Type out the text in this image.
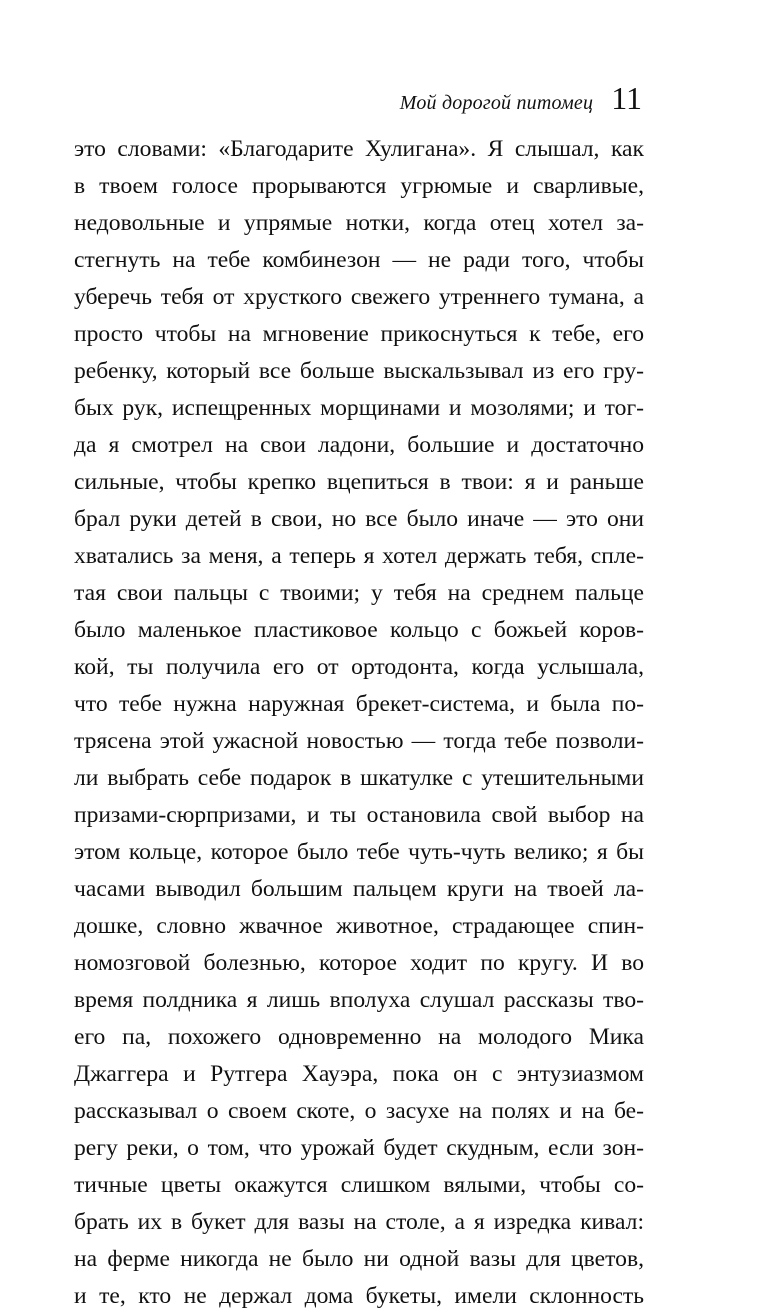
Мой дорогой питомец 11
это словами: «Благодарите Хулигана». Я слышал, как
в твоем голосе прорываются угрюмые и сварливые,
недовольные и упрямые нотки, когда отец хотел за-
стегнуть на тебе комбинезон — не ради того, чтобы
уберечь тебя от хрусткого свежего утреннего тумана, а
просто чтобы на мгновение прикоснуться к тебе, его
ребенку, который все больше выскальзывал из его гру-
бых рук, испещренных морщинами и мозолями; и тог-
да я смотрел на свои ладони, большие и достаточно
сильные, чтобы крепко вцепиться в твои: я и раньше
брал руки детей в свои, но все было иначе — это они
хватались за меня, а теперь я хотел держать тебя, спле-
тая свои пальцы с твоими; у тебя на среднем пальце
было маленькое пластиковое кольцо с божьей коров-
кой, ты получила его от ортодонта, когда услышала,
что тебе нужна наружная брекет-система, и была по-
трясена этой ужасной новостью — тогда тебе позволи-
ли выбрать себе подарок в шкатулке с утешительными
призами-сюрпризами, и ты остановила свой выбор на
этом кольце, которое было тебе чуть-чуть велико; я бы
часами выводил большим пальцем круги на твоей ла-
дошке, словно жвачное животное, страдающее спин-
номозговой болезнью, которое ходит по кругу. И во
время полдника я лишь вполуха слушал рассказы тво-
его па, похожего одновременно на молодого Мика
Джаггера и Рутгера Хауэра, пока он с энтузиазмом
рассказывал о своем скоте, о засухе на полях и на бе-
регу реки, о том, что урожай будет скудным, если зон-
тичные цветы окажутся слишком вялыми, чтобы со-
брать их в букет для вазы на столе, а я изредка кивал:
на ферме никогда не было ни одной вазы для цветов,
и те, кто не держал дома букеты, имели склонность
